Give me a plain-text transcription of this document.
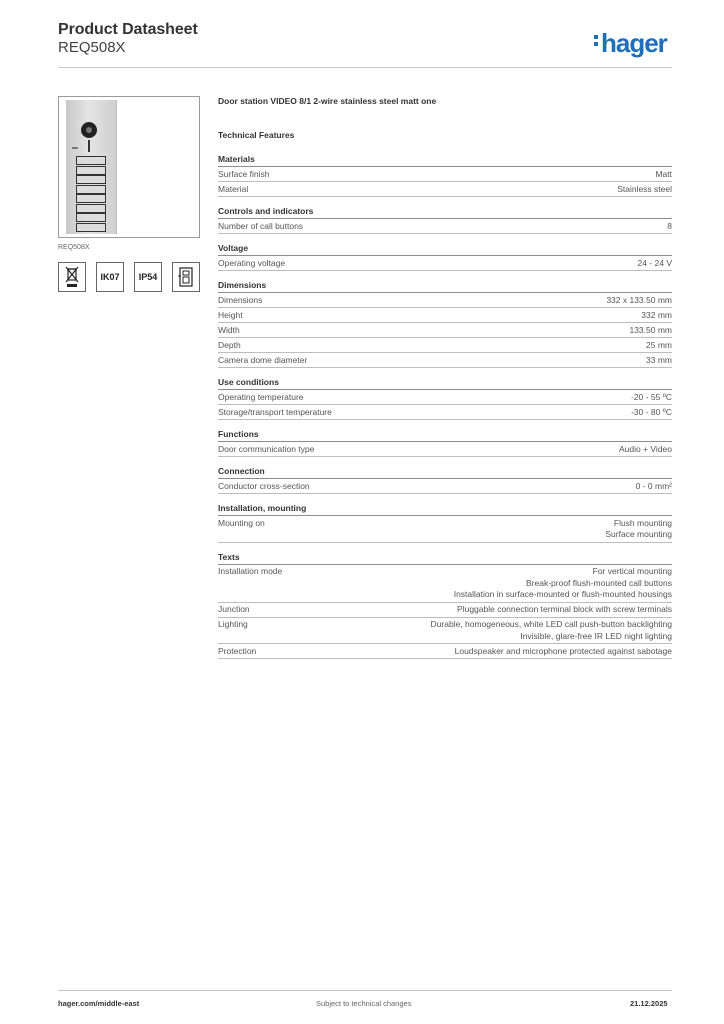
Product Datasheet
REQ508X	hager
REQ508X
IK07	IP54
Door station VIDEO 8/1 2-wire stainless steel matt one
Technical Features
Materials
Surface finish	Matt
Material	Stainless steel
Controls and indicators
Number of call buttons	8
Voltage
Operating voltage	24 - 24 V
Dimensions
Dimensions	332 x 133.50 mm
Height	332 mm
Width	133.50 mm
Depth	25 mm
Camera dome diameter	33 mm
Use conditions
Operating temperature	-20 - 55 ºC
Storage/transport temperature	-30 - 80 ºC
Functions
Door communication type	Audio + Video
Connection
Conductor cross-section	0 - 0 mm²
Installation, mounting
Mounting on	Flush mounting
Surface mounting
Texts
Installation mode	For vertical mounting
Break-proof flush-mounted call buttons
Installation in surface-mounted or flush-mounted housings
Junction	Pluggable connection terminal block with screw terminals
Lighting	Durable, homogeneous, white LED call push-button backlighting
Invisible, glare-free IR LED night lighting
Protection	Loudspeaker and microphone protected against sabotage
hager.com/middle-east	Subject to technical changes	21.12.2025
